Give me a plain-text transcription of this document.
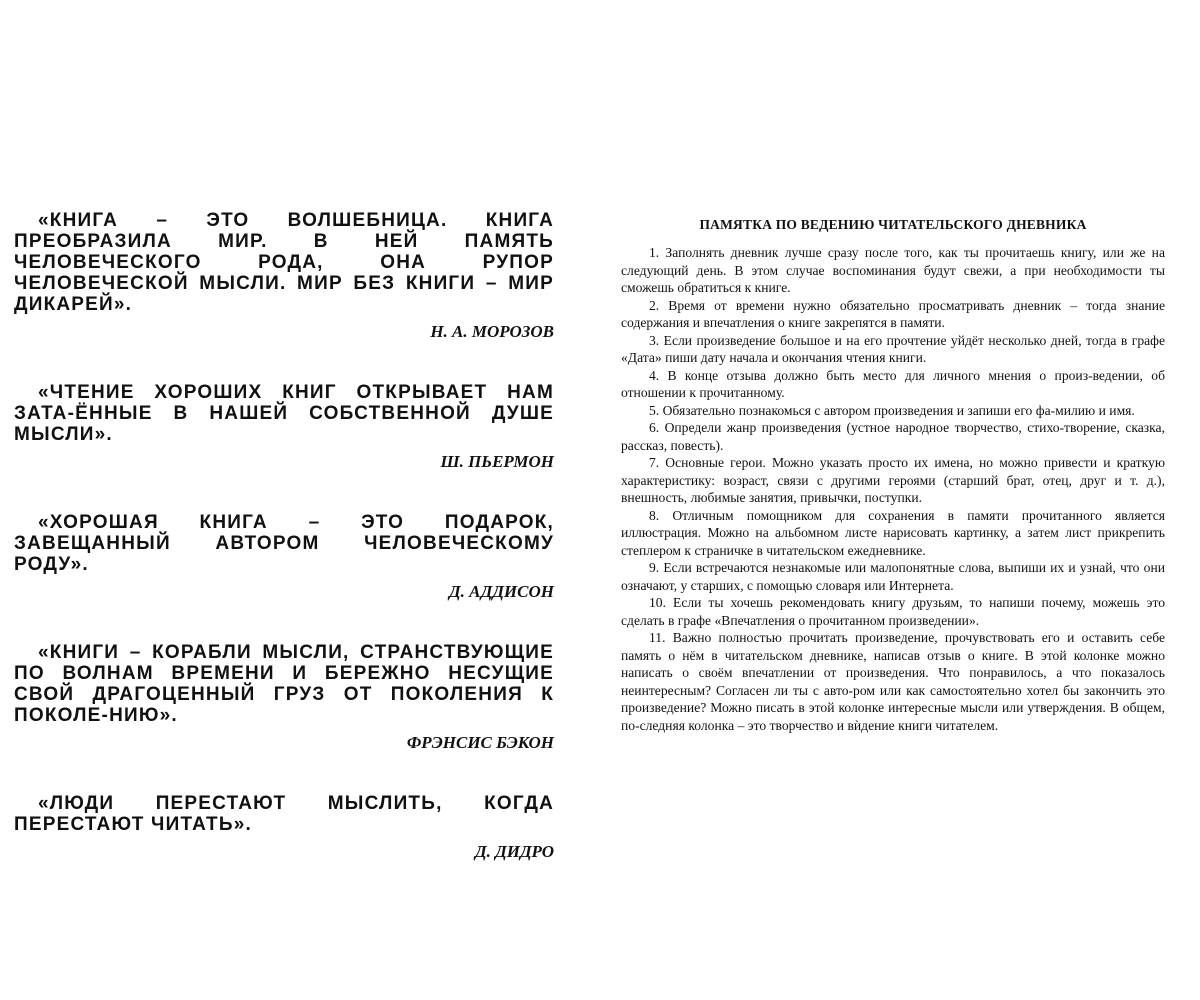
«КНИГА – ЭТО ВОЛШЕБНИЦА. КНИГА ПРЕОБРАЗИЛА МИР. В НЕЙ ПАМЯТЬ ЧЕЛОВЕЧЕСКОГО РОДА, ОНА РУПОР ЧЕЛОВЕЧЕСКОЙ МЫСЛИ. МИР БЕЗ КНИГИ – МИР ДИКАРЕЙ».
Н. А. МОРОЗОВ
«ЧТЕНИЕ ХОРОШИХ КНИГ ОТКРЫВАЕТ НАМ ЗАТА-ЁННЫЕ В НАШЕЙ СОБСТВЕННОЙ ДУШЕ МЫСЛИ».
Ш. ПЬЕРМОН
«ХОРОШАЯ КНИГА – ЭТО ПОДАРОК, ЗАВЕЩАННЫЙ АВТОРОМ ЧЕЛОВЕЧЕСКОМУ РОДУ».
Д. АДДИСОН
«КНИГИ – КОРАБЛИ МЫСЛИ, СТРАНСТВУЮЩИЕ ПО ВОЛНАМ ВРЕМЕНИ И БЕРЕЖНО НЕСУЩИЕ СВОЙ ДРАГОЦЕННЫЙ ГРУЗ ОТ ПОКОЛЕНИЯ К ПОКОЛЕ-НИЮ».
ФРЭНСИС БЭКОН
«ЛЮДИ ПЕРЕСТАЮТ МЫСЛИТЬ, КОГДА ПЕРЕСТАЮТ ЧИТАТЬ».
Д. ДИДРО
ПАМЯТКА ПО ВЕДЕНИЮ ЧИТАТЕЛЬСКОГО ДНЕВНИКА
1. Заполнять дневник лучше сразу после того, как ты прочитаешь книгу, или же на следующий день. В этом случае воспоминания будут свежи, а при необходимости ты сможешь обратиться к книге.
2. Время от времени нужно обязательно просматривать дневник – тогда знание содержания и впечатления о книге закрепятся в памяти.
3. Если произведение большое и на его прочтение уйдёт несколько дней, тогда в графе «Дата» пиши дату начала и окончания чтения книги.
4. В конце отзыва должно быть место для личного мнения о произ-ведении, об отношении к прочитанному.
5. Обязательно познакомься с автором произведения и запиши его фа-милию и имя.
6. Определи жанр произведения (устное народное творчество, стихо-творение, сказка, рассказ, повесть).
7. Основные герои. Можно указать просто их имена, но можно привести и краткую характеристику: возраст, связи с другими героями (старший брат, отец, друг и т. д.), внешность, любимые занятия, привычки, поступки.
8. Отличным помощником для сохранения в памяти прочитанного является иллюстрация. Можно на альбомном листе нарисовать картинку, а затем лист прикрепить степлером к страничке в читательском ежедневнике.
9. Если встречаются незнакомые или малопонятные слова, выпиши их и узнай, что они означают, у старших, с помощью словаря или Интернета.
10. Если ты хочешь рекомендовать книгу друзьям, то напиши почему, можешь это сделать в графе «Впечатления о прочитанном произведении».
11. Важно полностью прочитать произведение, прочувствовать его и оставить себе память о нём в читательском дневнике, написав отзыв о книге. В этой колонке можно написать о своём впечатлении от произведения. Что понравилось, а что показалось неинтересным? Согласен ли ты с авто-ром или как самостоятельно хотел бы закончить это произведение? Можно писать в этой колонке интересные мысли или утверждения. В общем, по-следняя колонка – это творчество и вѝдение книги читателем.
